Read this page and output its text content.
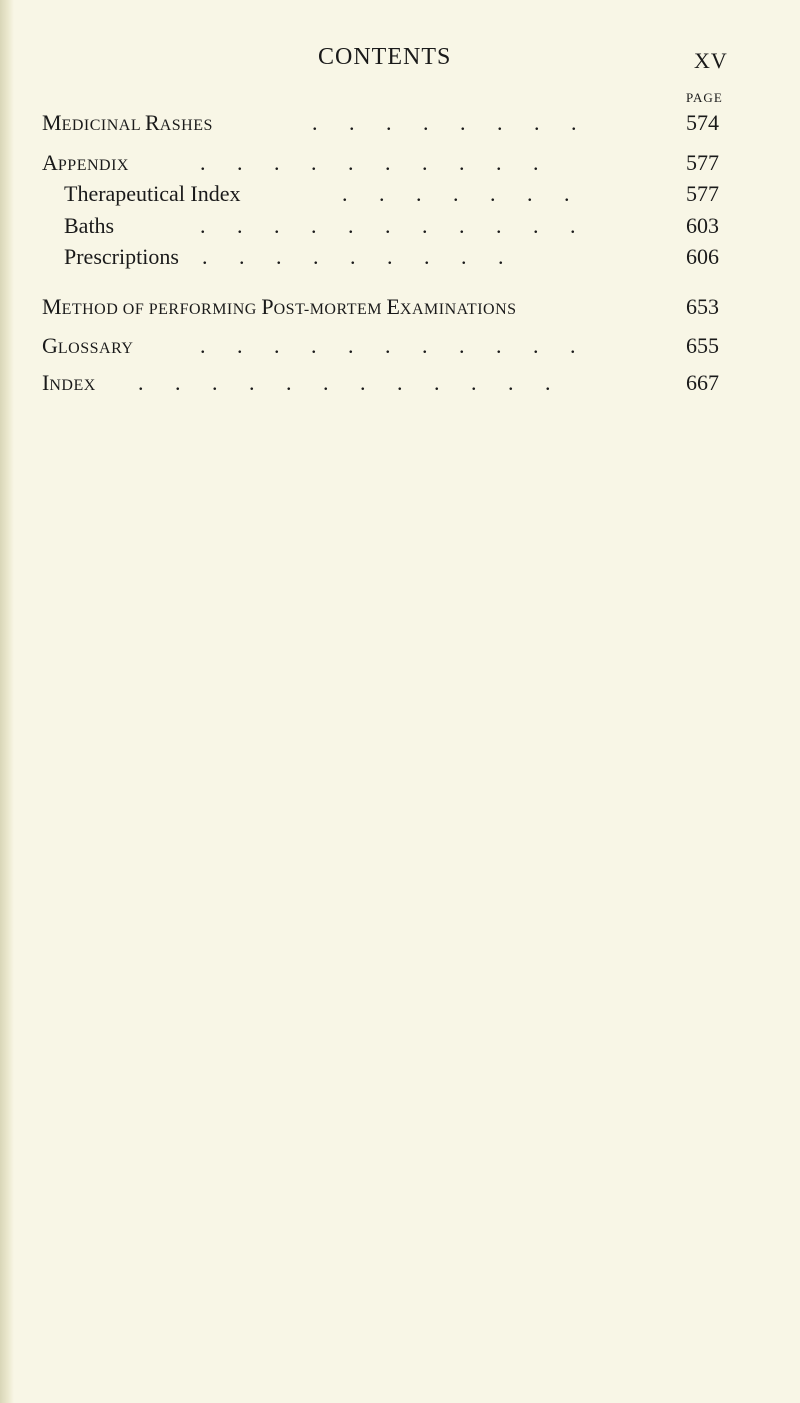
CONTENTS	XV
PAGE
MEDICINAL RASHES	. . . . . . . .	574
APPENDIX	. . . . . . . . . .	577
Therapeutical Index	. . . . . . .	577
Baths	. . . . . . . . . . .	603
Prescriptions . . . . . . . . .	606
METHOD OF PERFORMING POST-MORTEM EXAMINATIONS	653
GLOSSARY	. . . . . . . . . . .	655
INDEX . . . . . . . . . . . .	667
